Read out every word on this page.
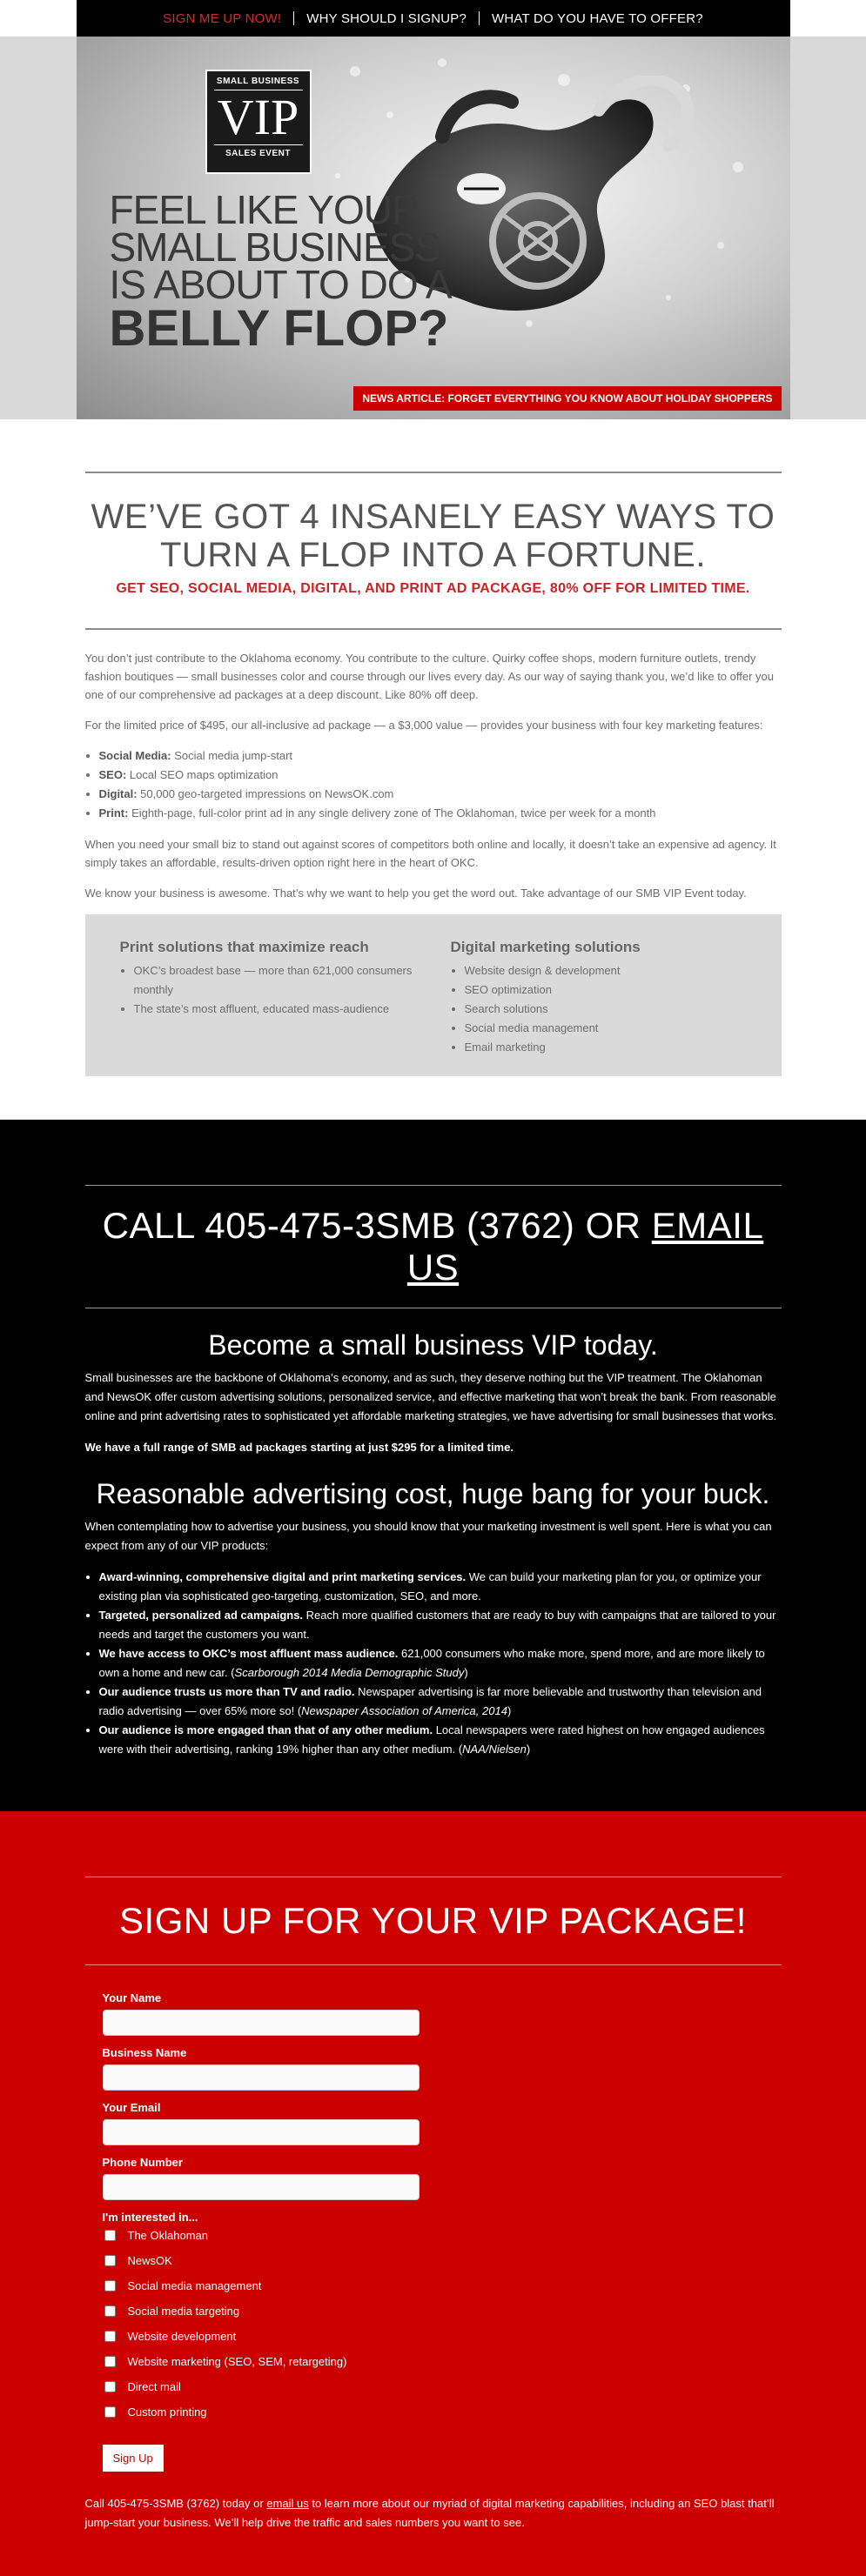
SIGN ME UP NOW!	WHY SHOULD I SIGNUP?	WHAT DO YOU HAVE TO OFFER?
SMALL BUSINESS
VIP
SALES EVENT
FEEL LIKE YOUR
SMALL BUSINESS
IS ABOUT TO DO A
BELLY FLOP?
NEWS ARTICLE: FORGET EVERYTHING YOU KNOW ABOUT HOLIDAY SHOPPERS
WE’VE GOT 4 INSANELY EASY WAYS TO TURN A FLOP INTO A FORTUNE.
GET SEO, SOCIAL MEDIA, DIGITAL, AND PRINT AD PACKAGE, 80% OFF FOR LIMITED TIME.

You don’t just contribute to the Oklahoma economy. You contribute to the culture. Quirky coffee shops, modern furniture outlets, trendy fashion boutiques — small businesses color and course through our lives every day. As our way of saying thank you, we’d like to offer you one of our comprehensive ad packages at a deep discount. Like 80% off deep.

For the limited price of $495, our all-inclusive ad package — a $3,000 value — provides your business with four key marketing features:

• Social Media: Social media jump-start
• SEO: Local SEO maps optimization
• Digital: 50,000 geo-targeted impressions on NewsOK.com
• Print: Eighth-page, full-color print ad in any single delivery zone of The Oklahoman, twice per week for a month

When you need your small biz to stand out against scores of competitors both online and locally, it doesn’t take an expensive ad agency. It simply takes an affordable, results-driven option right here in the heart of OKC.

We know your business is awesome. That’s why we want to help you get the word out. Take advantage of our SMB VIP Event today.

Print solutions that maximize reach
• OKC’s broadest base — more than 621,000 consumers monthly
• The state’s most affluent, educated mass-audience
Digital marketing solutions
• Website design & development
• SEO optimization
• Search solutions
• Social media management
• Email marketing
CALL 405-475-3SMB (3762) OR EMAIL US
Become a small business VIP today.

Small businesses are the backbone of Oklahoma’s economy, and as such, they deserve nothing but the VIP treatment. The Oklahoman and NewsOK offer custom advertising solutions, personalized service, and effective marketing that won’t break the bank. From reasonable online and print advertising rates to sophisticated yet affordable marketing strategies, we have advertising for small businesses that works.

We have a full range of SMB ad packages starting at just $295 for a limited time.

Reasonable advertising cost, huge bang for your buck.

When contemplating how to advertise your business, you should know that your marketing investment is well spent. Here is what you can expect from any of our VIP products:

• Award-winning, comprehensive digital and print marketing services. We can build your marketing plan for you, or optimize your existing plan via sophisticated geo-targeting, customization, SEO, and more.
• Targeted, personalized ad campaigns. Reach more qualified customers that are ready to buy with campaigns that are tailored to your needs and target the customers you want.
• We have access to OKC’s most affluent mass audience. 621,000 consumers who make more, spend more, and are more likely to own a home and new car. (Scarborough 2014 Media Demographic Study)
• Our audience trusts us more than TV and radio. Newspaper advertising is far more believable and trustworthy than television and radio advertising — over 65% more so! (Newspaper Association of America, 2014)
• Our audience is more engaged than that of any other medium. Local newspapers were rated highest on how engaged audiences were with their advertising, ranking 19% higher than any other medium. (NAA/Nielsen)
SIGN UP FOR YOUR VIP PACKAGE!
Your Name
Business Name
Your Email
Phone Number
I'm interested in...
The Oklahoman
NewsOK
Social media management
Social media targeting
Website development
Website marketing (SEO, SEM, retargeting)
Direct mail
Custom printing
Sign Up

Call 405-475-3SMB (3762) today or email us to learn more about our myriad of digital marketing capabilities, including an SEO blast that’ll jump-start your business. We’ll help drive the traffic and sales numbers you want to see.
